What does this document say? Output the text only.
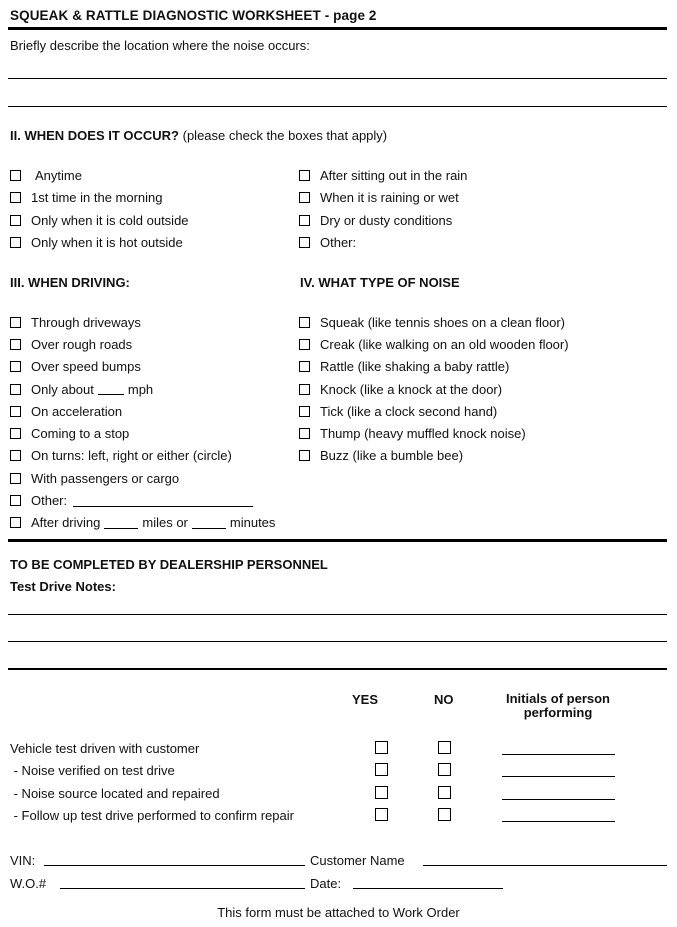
SQUEAK & RATTLE DIAGNOSTIC WORKSHEET - page 2
Briefly describe the location where the noise occurs:
II. WHEN DOES IT OCCUR? (please check the boxes that apply)
Anytime
1st time in the morning
Only when it is cold outside
Only when it is hot outside
After sitting out in the rain
When it is raining or wet
Dry or dusty conditions
Other:
III. WHEN DRIVING:
Through driveways
Over rough roads
Over speed bumps
Only about	mph
On acceleration
Coming to a stop
On turns: left, right or either (circle)
With passengers or cargo
Other:
After driving	miles or	minutes
IV. WHAT TYPE OF NOISE
Squeak (like tennis shoes on a clean floor)
Creak (like walking on an old wooden floor)
Rattle (like shaking a baby rattle)
Knock (like a knock at the door)
Tick (like a clock second hand)
Thump (heavy muffled knock noise)
Buzz (like a bumble bee)
TO BE COMPLETED BY DEALERSHIP PERSONNEL
Test Drive Notes:
YES	NO	Initials of person performing
Vehicle test driven with customer
- Noise verified on test drive
- Noise source located and repaired
- Follow up test drive performed to confirm repair
VIN:	Customer Name
W.O.#	Date:
This form must be attached to Work Order
